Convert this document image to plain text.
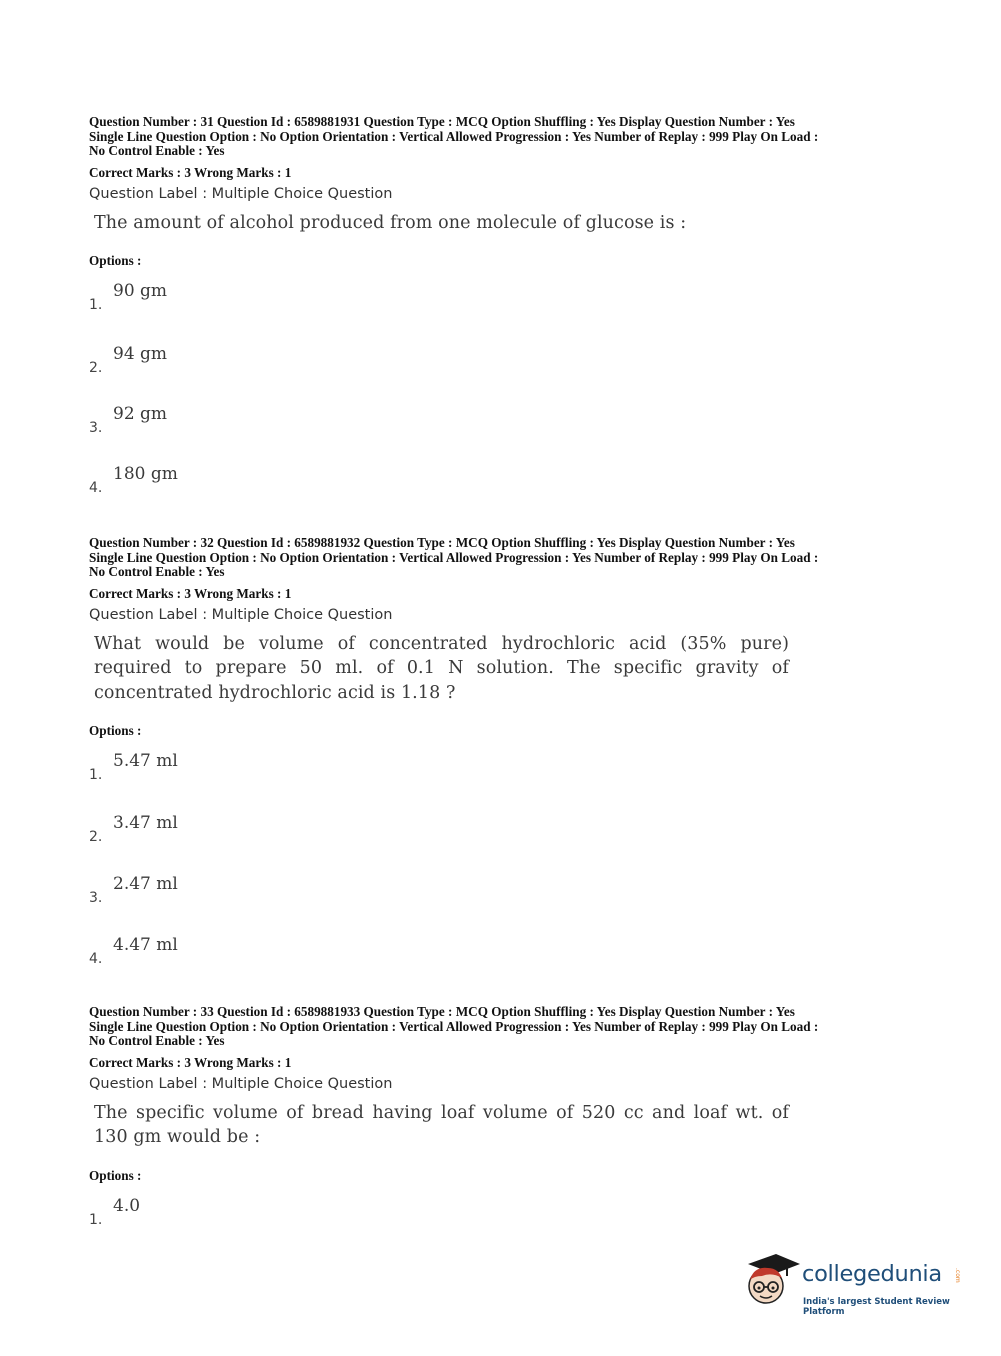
Question Number : 31 Question Id : 6589881931 Question Type : MCQ Option Shuffling : Yes Display Question Number : Yes
Single Line Question Option : No Option Orientation : Vertical Allowed Progression : Yes Number of Replay : 999 Play On Load :
No Control Enable : Yes
Correct Marks : 3 Wrong Marks : 1
Question Label : Multiple Choice Question
The amount of alcohol produced from one molecule of glucose is :
Options :
1.
90 gm
2.
94 gm
3.
92 gm
4.
180 gm
Question Number : 32 Question Id : 6589881932 Question Type : MCQ Option Shuffling : Yes Display Question Number : Yes
Single Line Question Option : No Option Orientation : Vertical Allowed Progression : Yes Number of Replay : 999 Play On Load :
No Control Enable : Yes
Correct Marks : 3 Wrong Marks : 1
Question Label : Multiple Choice Question
What would be volume of concentrated hydrochloric acid (35% pure) required to prepare 50 ml. of 0.1 N solution. The specific gravity of concentrated hydrochloric acid is 1.18 ?
Options :
1.
5.47 ml
2.
3.47 ml
3.
2.47 ml
4.
4.47 ml
Question Number : 33 Question Id : 6589881933 Question Type : MCQ Option Shuffling : Yes Display Question Number : Yes
Single Line Question Option : No Option Orientation : Vertical Allowed Progression : Yes Number of Replay : 999 Play On Load :
No Control Enable : Yes
Correct Marks : 3 Wrong Marks : 1
Question Label : Multiple Choice Question
The specific volume of bread having loaf volume of 520 cc and loaf wt. of 130 gm would be :
Options :
1.
4.0
collegedunia .com
India's largest Student Review Platform
